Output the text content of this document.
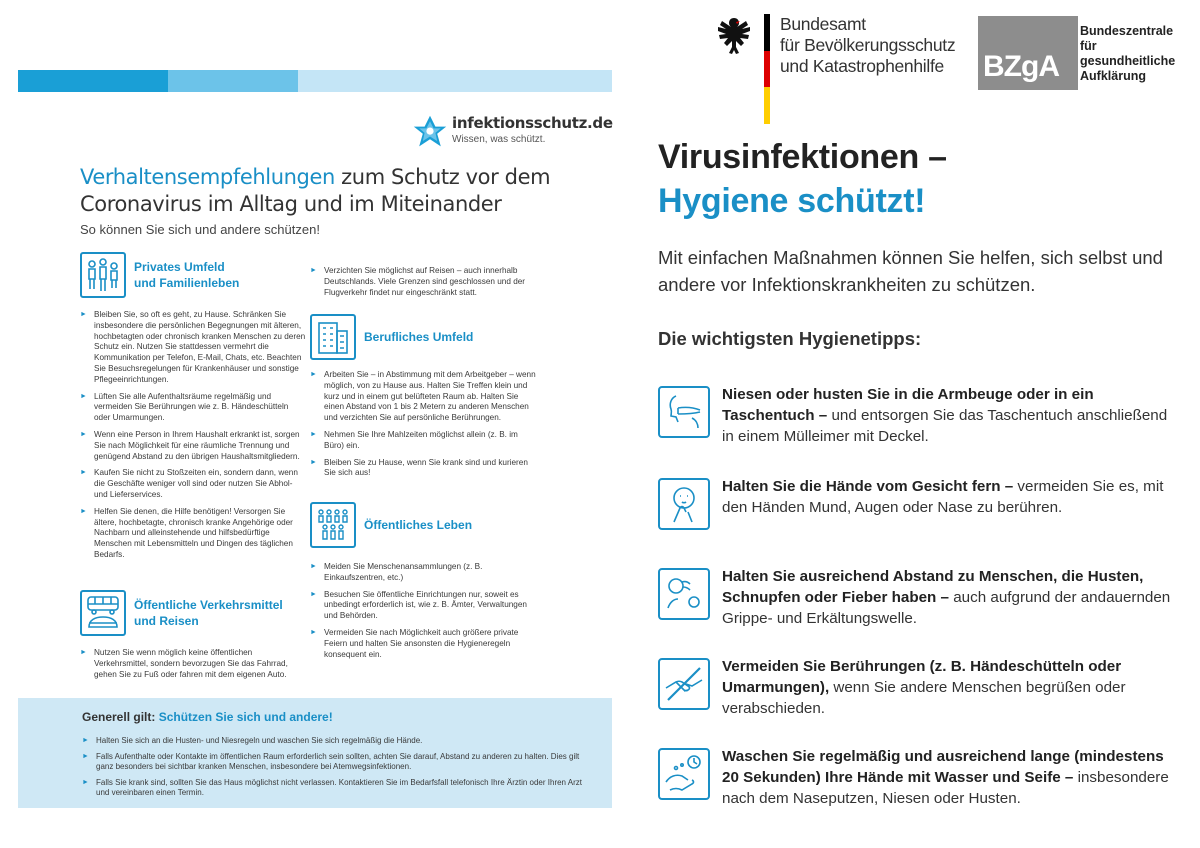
infektionsschutz.de
Wissen, was schützt.
Verhaltensempfehlungen zum Schutz vor dem Coronavirus im Alltag und im Miteinander
So können Sie sich und andere schützen!
Privates Umfeld
und Familienleben
► Bleiben Sie, so oft es geht, zu Hause. Schränken Sie insbesondere die persönlichen Begegnungen mit älteren, hochbetagten oder chronisch kranken Menschen zu deren Schutz ein. Nutzen Sie stattdessen vermehrt die Kommunikation per Telefon, E-Mail, Chats, etc. Beachten Sie Besuchsregelungen für Krankenhäuser und sonstige Pflegeeinrichtungen.
► Lüften Sie alle Aufenthaltsräume regelmäßig und vermeiden Sie Berührungen wie z. B. Händeschütteln oder Umarmungen.
► Wenn eine Person in Ihrem Haushalt erkrankt ist, sorgen Sie nach Möglichkeit für eine räumliche Trennung und genügend Abstand zu den übrigen Haushaltsmitgliedern.
► Kaufen Sie nicht zu Stoßzeiten ein, sondern dann, wenn die Geschäfte weniger voll sind oder nutzen Sie Abhol- und Lieferservices.
► Helfen Sie denen, die Hilfe benötigen! Versorgen Sie ältere, hochbetagte, chronisch kranke Angehörige oder Nachbarn und alleinstehende und hilfsbedürftige Menschen mit Lebensmitteln und Dingen des täglichen Bedarfs.
Öffentliche Verkehrsmittel
und Reisen
► Nutzen Sie wenn möglich keine öffentlichen Verkehrsmittel, sondern bevorzugen Sie das Fahrrad, gehen Sie zu Fuß oder fahren mit dem eigenen Auto.
► Verzichten Sie möglichst auf Reisen – auch innerhalb Deutschlands. Viele Grenzen sind geschlossen und der Flugverkehr findet nur eingeschränkt statt.
Berufliches Umfeld
► Arbeiten Sie – in Abstimmung mit dem Arbeitgeber – wenn möglich, von zu Hause aus. Halten Sie Treffen klein und kurz und in einem gut belüfteten Raum ab. Halten Sie einen Abstand von 1 bis 2 Metern zu anderen Menschen und verzichten Sie auf persönliche Berührungen.
► Nehmen Sie Ihre Mahlzeiten möglichst allein (z. B. im Büro) ein.
► Bleiben Sie zu Hause, wenn Sie krank sind und kurieren Sie sich aus!
Öffentliches Leben
► Meiden Sie Menschenansammlungen (z. B. Einkaufszentren, etc.)
► Besuchen Sie öffentliche Einrichtungen nur, soweit es unbedingt erforderlich ist, wie z. B. Ämter, Verwaltungen und Behörden.
► Vermeiden Sie nach Möglichkeit auch größere private Feiern und halten Sie ansonsten die Hygieneregeln konsequent ein.
Generell gilt: Schützen Sie sich und andere!
► Halten Sie sich an die Husten- und Niesregeln und waschen Sie sich regelmäßig die Hände.
► Falls Aufenthalte oder Kontakte im öffentlichen Raum erforderlich sein sollten, achten Sie darauf, Abstand zu anderen zu halten. Dies gilt ganz besonders bei sichtbar kranken Menschen, insbesondere bei Atemwegsinfektionen.
► Falls Sie krank sind, sollten Sie das Haus möglichst nicht verlassen. Kontaktieren Sie im Bedarfsfall telefonisch Ihre Ärztin oder Ihren Arzt und vereinbaren einen Termin.
Bundesamt
für Bevölkerungsschutz
und Katastrophenhilfe	BZgA
Bundeszentrale
für
gesundheitliche
Aufklärung
Virusinfektionen –
Hygiene schützt!
Mit einfachen Maßnahmen können Sie helfen, sich selbst und andere vor Infektionskrankheiten zu schützen.
Die wichtigsten Hygienetipps:
Niesen oder husten Sie in die Armbeuge oder in ein Taschentuch – und entsorgen Sie das Taschentuch anschließend in einem Mülleimer mit Deckel.
Halten Sie die Hände vom Gesicht fern – vermeiden Sie es, mit den Händen Mund, Augen oder Nase zu berühren.
Halten Sie ausreichend Abstand zu Menschen, die Husten, Schnupfen oder Fieber haben – auch aufgrund der andauernden Grippe- und Erkältungswelle.
Vermeiden Sie Berührungen (z. B. Händeschütteln oder Umarmungen), wenn Sie andere Menschen begrüßen oder verabschieden.
Waschen Sie regelmäßig und ausreichend lange (mindestens 20 Sekunden) Ihre Hände mit Wasser und Seife – insbesondere nach dem Naseputzen, Niesen oder Husten.
